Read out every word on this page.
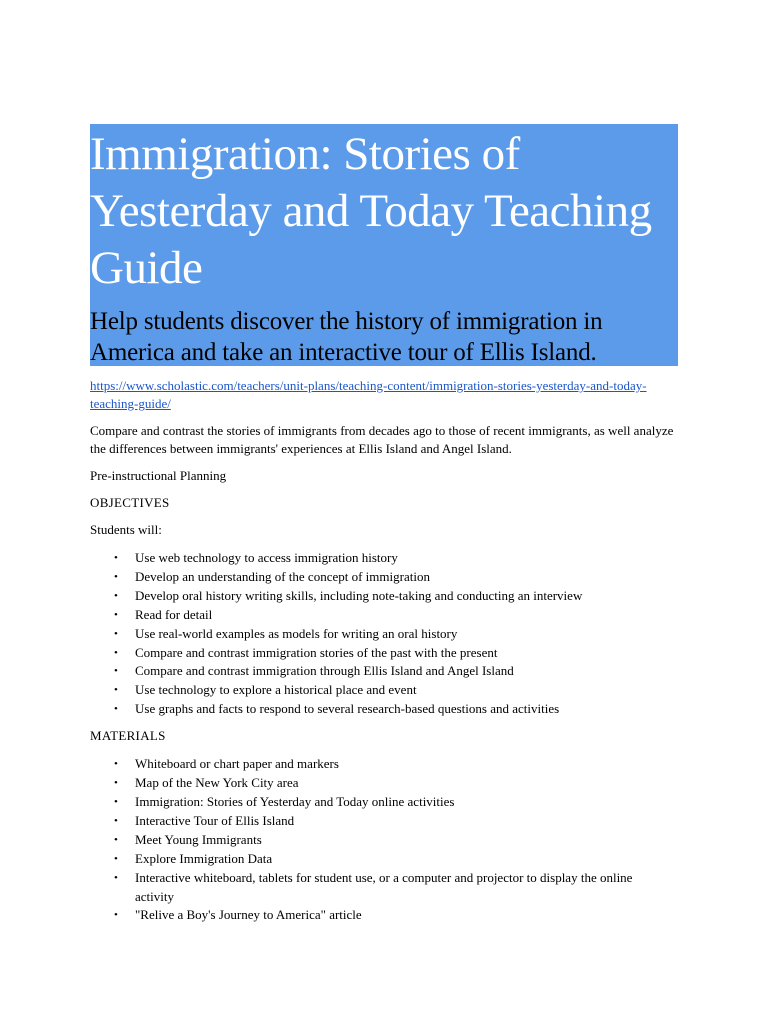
Immigration: Stories of Yesterday and Today Teaching Guide
Help students discover the history of immigration in America and take an interactive tour of Ellis Island.
https://www.scholastic.com/teachers/unit-plans/teaching-content/immigration-stories-yesterday-and-today-teaching-guide/

Compare and contrast the stories of immigrants from decades ago to those of recent immigrants, as well analyze the differences between immigrants' experiences at Ellis Island and Angel Island.

Pre-instructional Planning

OBJECTIVES

Students will:

• Use web technology to access immigration history
• Develop an understanding of the concept of immigration
• Develop oral history writing skills, including note-taking and conducting an interview
• Read for detail
• Use real-world examples as models for writing an oral history
• Compare and contrast immigration stories of the past with the present
• Compare and contrast immigration through Ellis Island and Angel Island
• Use technology to explore a historical place and event
• Use graphs and facts to respond to several research-based questions and activities

MATERIALS

• Whiteboard or chart paper and markers
• Map of the New York City area
• Immigration: Stories of Yesterday and Today online activities
• Interactive Tour of Ellis Island
• Meet Young Immigrants
• Explore Immigration Data
• Interactive whiteboard, tablets for student use, or a computer and projector to display the online activity
• "Relive a Boy's Journey to America" article
